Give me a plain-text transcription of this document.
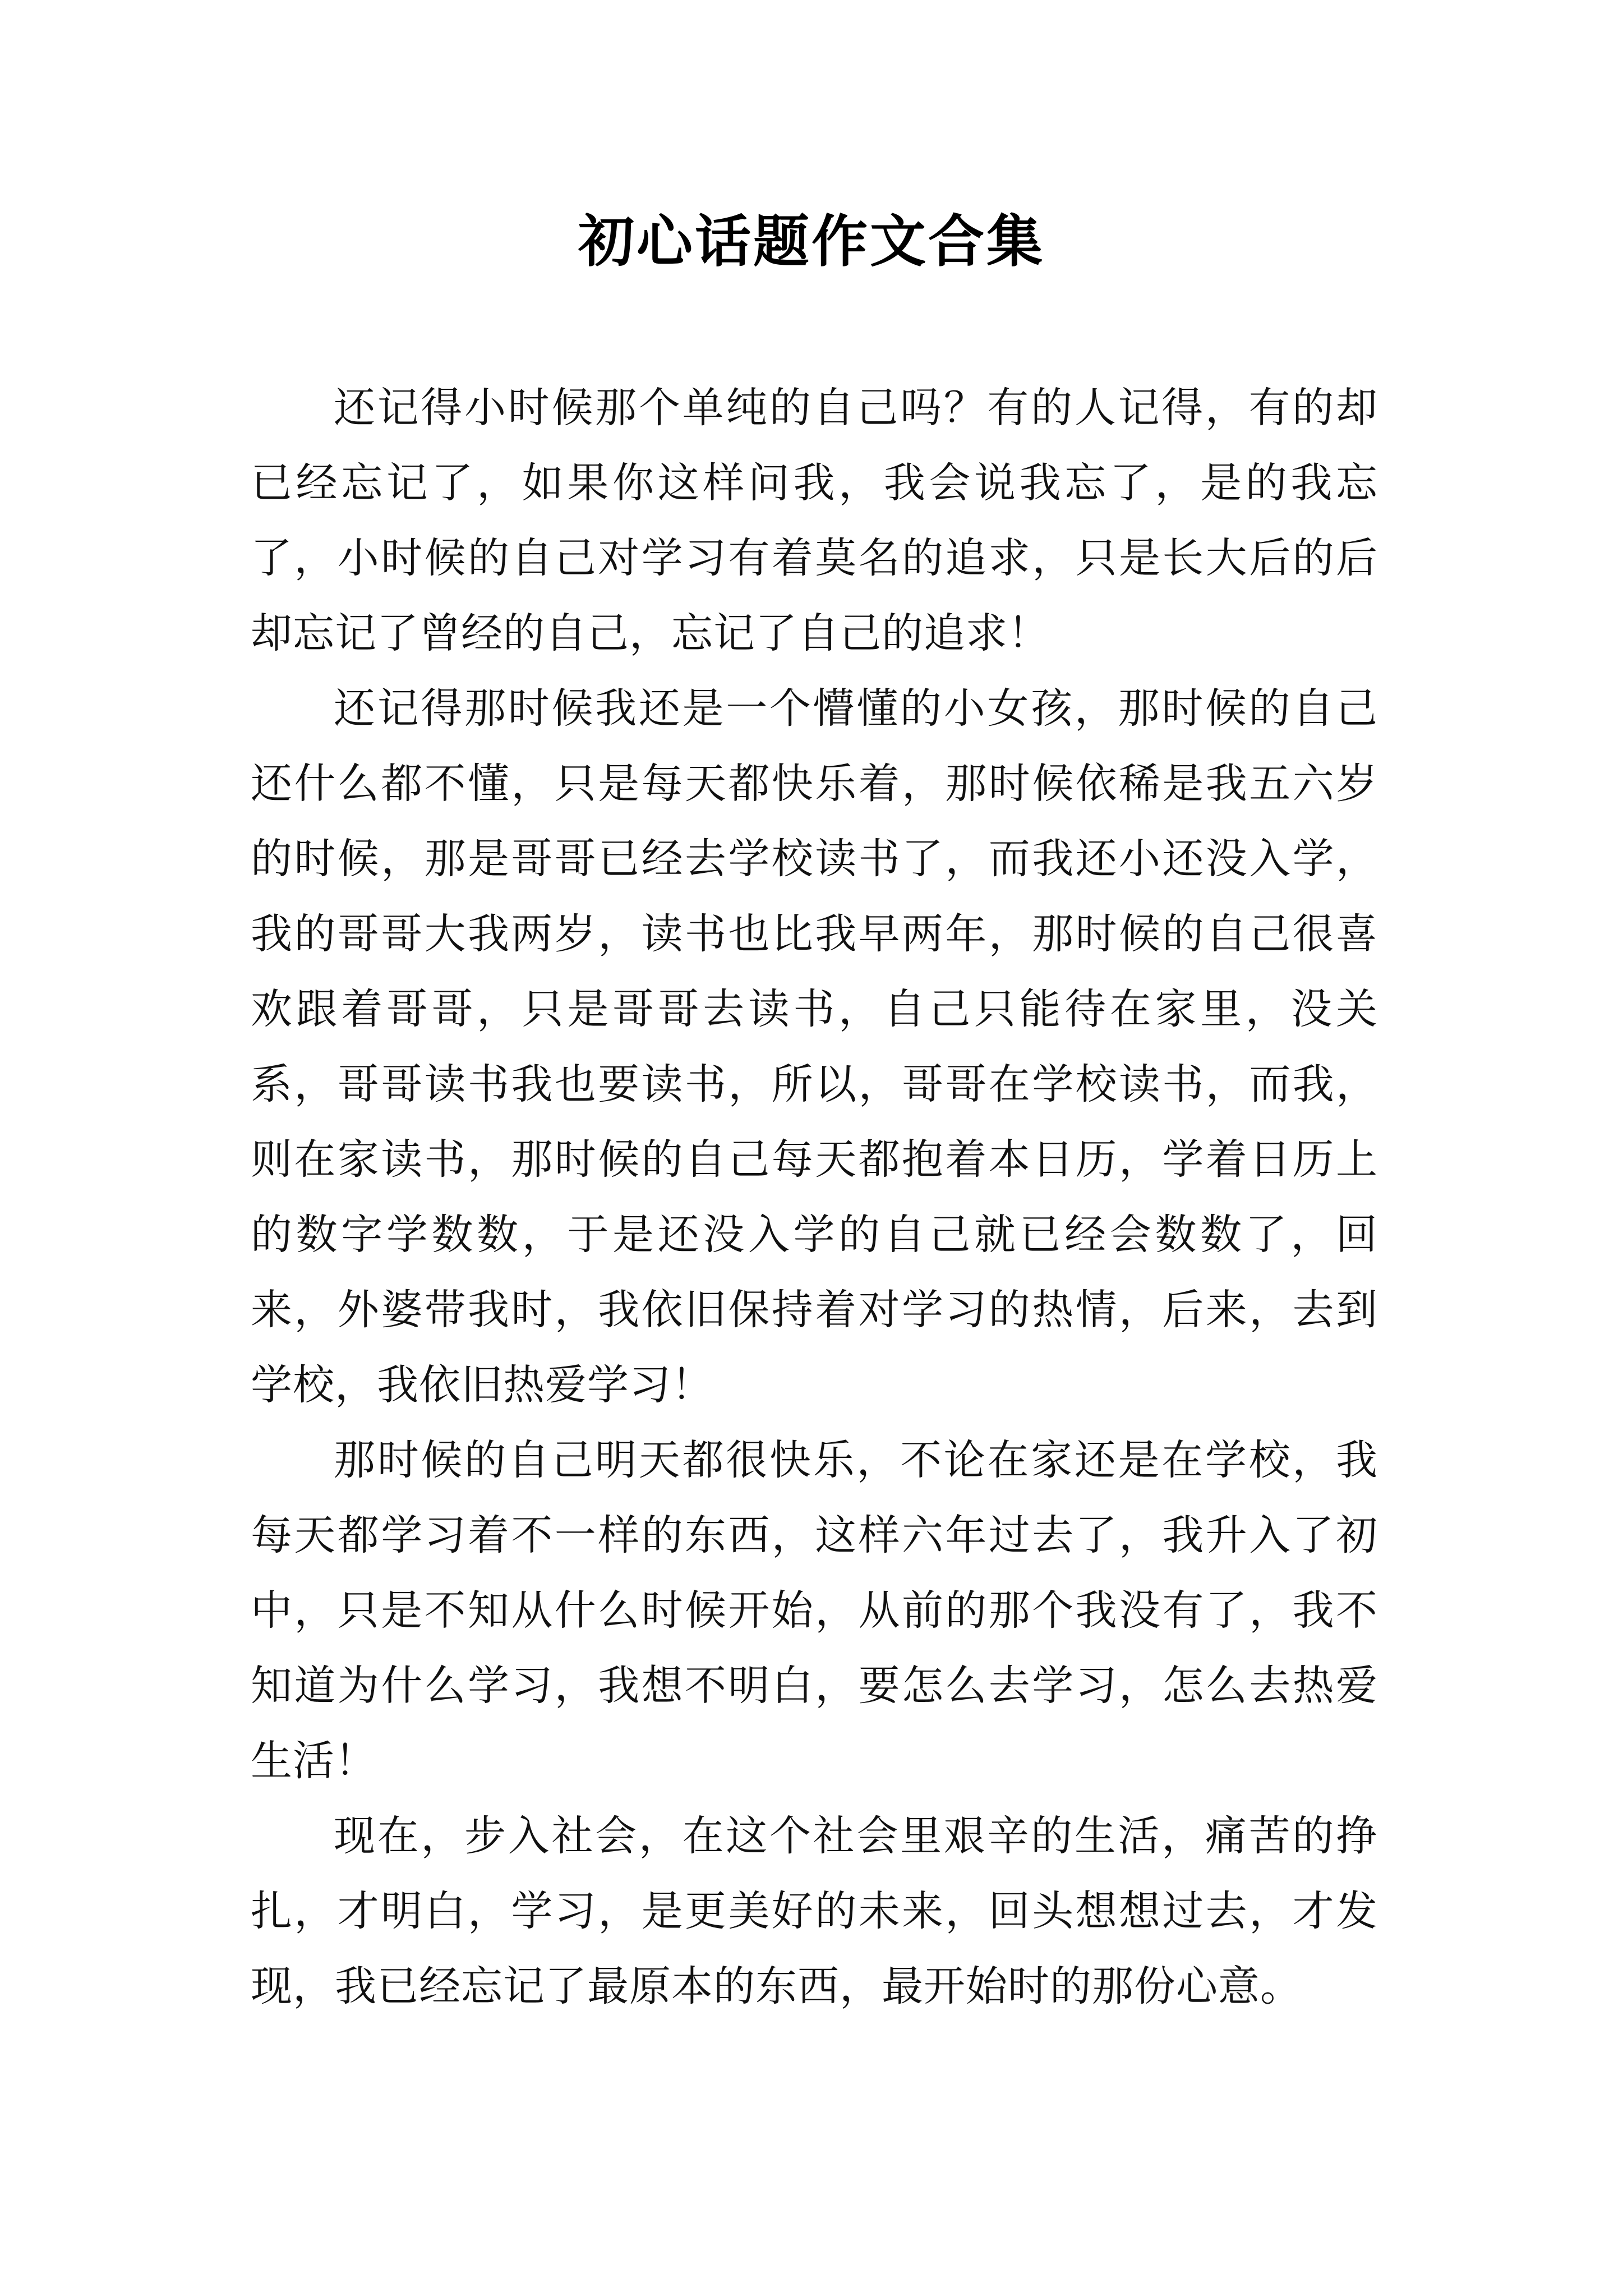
初心话题作文合集

还记得小时候那个单纯的自己吗？有的人记得，有的却已经忘记了，如果你这样问我，我会说我忘了，是的我忘了，小时候的自己对学习有着莫名的追求，只是长大后的后却忘记了曾经的自己，忘记了自己的追求！

还记得那时候我还是一个懵懂的小女孩，那时候的自己还什么都不懂，只是每天都快乐着，那时候依稀是我五六岁的时候，那是哥哥已经去学校读书了，而我还小还没入学，我的哥哥大我两岁，读书也比我早两年，那时候的自己很喜欢跟着哥哥，只是哥哥去读书，自己只能待在家里，没关系，哥哥读书我也要读书，所以，哥哥在学校读书，而我，则在家读书，那时候的自己每天都抱着本日历，学着日历上的数字学数数，于是还没入学的自己就已经会数数了，回来，外婆带我时，我依旧保持着对学习的热情，后来，去到学校，我依旧热爱学习！

那时候的自己明天都很快乐，不论在家还是在学校，我每天都学习着不一样的东西，这样六年过去了，我升入了初中，只是不知从什么时候开始，从前的那个我没有了，我不知道为什么学习，我想不明白，要怎么去学习，怎么去热爱生活！

现在，步入社会，在这个社会里艰辛的生活，痛苦的挣扎，才明白，学习，是更美好的未来，回头想想过去，才发现，我已经忘记了最原本的东西，最开始时的那份心意。
